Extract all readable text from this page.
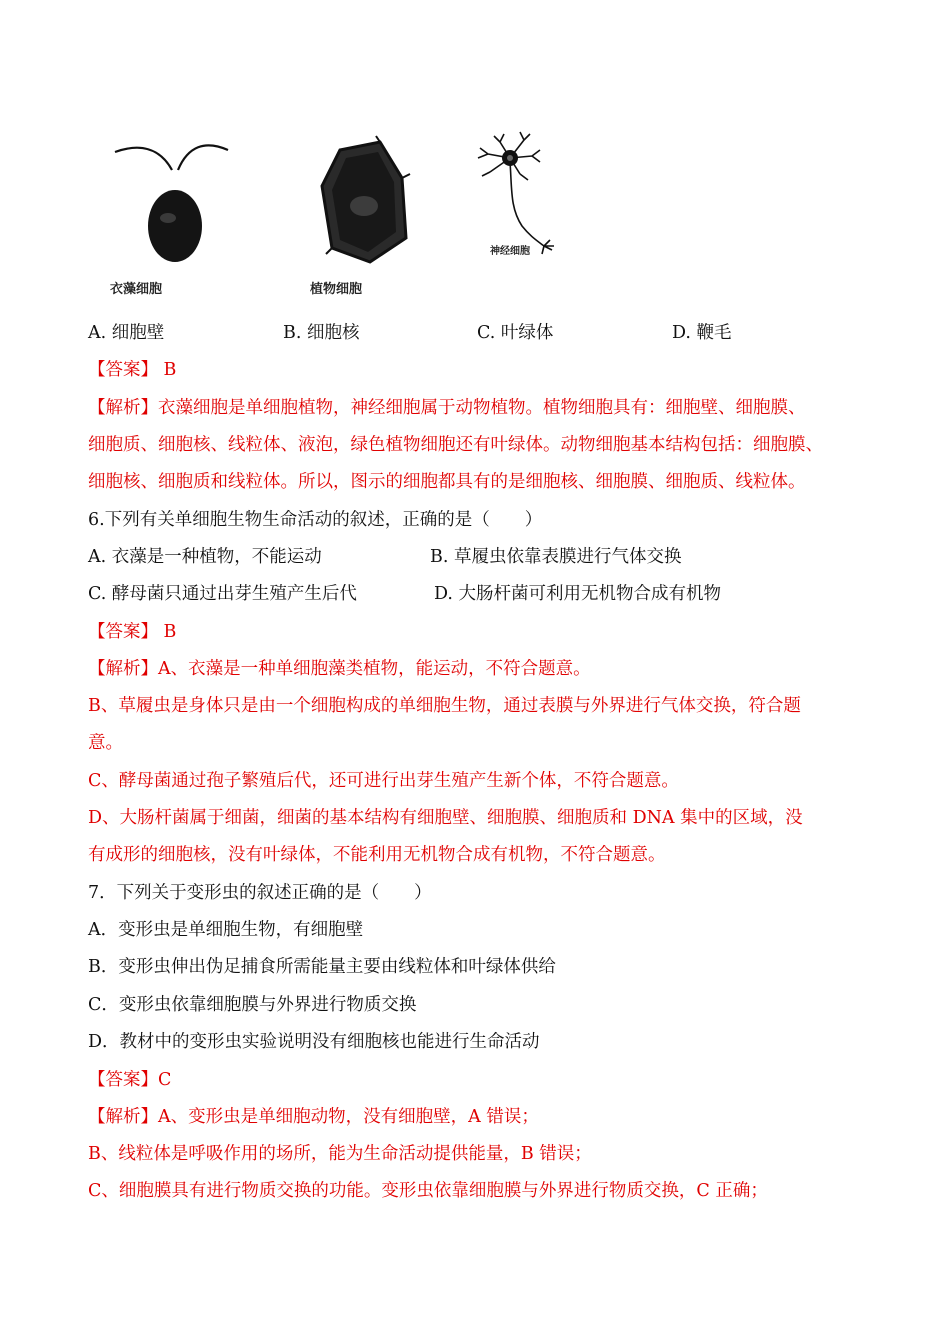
衣藻细胞	植物细胞
神经细胞
A. 细胞壁	B. 细胞核	C. 叶绿体	D. 鞭毛
【答案】 B
【解析】衣藻细胞是单细胞植物，神经细胞属于动物植物。植物细胞具有：细胞壁、细胞膜、
细胞质、细胞核、线粒体、液泡，绿色植物细胞还有叶绿体。动物细胞基本结构包括：细胞膜、
细胞核、细胞质和线粒体。所以，图示的细胞都具有的是细胞核、细胞膜、细胞质、线粒体。
6.下列有关单细胞生物生命活动的叙述，正确的是（　　）
A. 衣藻是一种植物，不能运动	B. 草履虫依靠表膜进行气体交换
C. 酵母菌只通过出芽生殖产生后代	D. 大肠杆菌可利用无机物合成有机物
【答案】 B
【解析】A、衣藻是一种单细胞藻类植物，能运动，不符合题意。
B、草履虫是身体只是由一个细胞构成的单细胞生物，通过表膜与外界进行气体交换，符合题
意。
C、酵母菌通过孢子繁殖后代，还可进行出芽生殖产生新个体，不符合题意。
D、大肠杆菌属于细菌，细菌的基本结构有细胞壁、细胞膜、细胞质和 DNA 集中的区域，没
有成形的细胞核，没有叶绿体，不能利用无机物合成有机物，不符合题意。
7．下列关于变形虫的叙述正确的是（　　）
A．变形虫是单细胞生物，有细胞壁
B．变形虫伸出伪足捕食所需能量主要由线粒体和叶绿体供给
C．变形虫依靠细胞膜与外界进行物质交换
D．教材中的变形虫实验说明没有细胞核也能进行生命活动
【答案】C
【解析】A、变形虫是单细胞动物，没有细胞壁，A 错误；
B、线粒体是呼吸作用的场所，能为生命活动提供能量，B 错误；
C、细胞膜具有进行物质交换的功能。变形虫依靠细胞膜与外界进行物质交换，C 正确；
